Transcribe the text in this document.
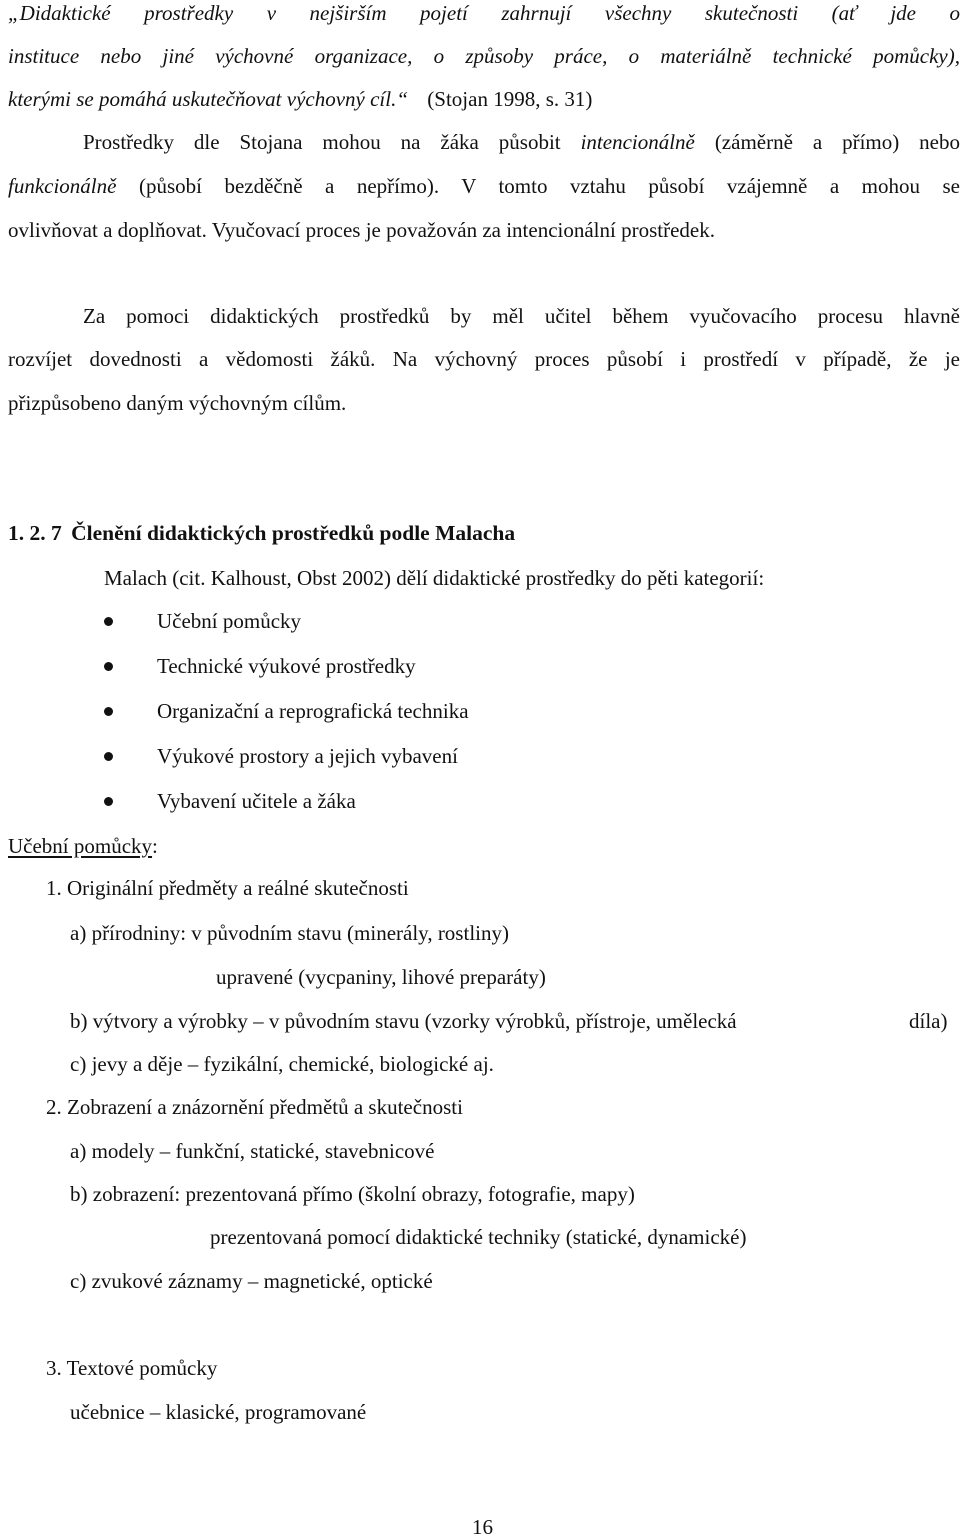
„Didaktické prostředky v nejširším pojetí zahrnují všechny skutečnosti (ať jde o
instituce nebo jiné výchovné organizace, o způsoby práce, o materiálně technické pomůcky),
kterými se pomáhá uskutečňovat výchovný cíl.“ (Stojan 1998, s. 31)
Prostředky dle Stojana mohou na žáka působit intencionálně (záměrně a přímo) nebo
funkcionálně (působí bezděčně a nepřímo). V tomto vztahu působí vzájemně a mohou se
ovlivňovat a doplňovat. Vyučovací proces je považován za intencionální prostředek.
Za pomoci didaktických prostředků by měl učitel během vyučovacího procesu hlavně
rozvíjet dovednosti a vědomosti žáků. Na výchovný proces působí i prostředí v případě, že je
přizpůsobeno daným výchovným cílům.
1. 2. 7 Členění didaktických prostředků podle Malacha
Malach (cit. Kalhoust, Obst 2002) dělí didaktické prostředky do pěti kategorií:
Učební pomůcky
Technické výukové prostředky
Organizační a reprografická technika
Výukové prostory a jejich vybavení
Vybavení učitele a žáka
Učební pomůcky:
1. Originální předměty a reálné skutečnosti
a) přírodniny: v původním stavu (minerály, rostliny)
upravené (vycpaniny, lihové preparáty)
b) výtvory a výrobky – v původním stavu (vzorky výrobků, přístroje, umělecká	díla)
c) jevy a děje – fyzikální, chemické, biologické aj.
2. Zobrazení a znázornění předmětů a skutečnosti
a) modely – funkční, statické, stavebnicové
b) zobrazení: prezentovaná přímo (školní obrazy, fotografie, mapy)
prezentovaná pomocí didaktické techniky (statické, dynamické)
c) zvukové záznamy – magnetické, optické
3. Textové pomůcky
učebnice – klasické, programované
16
